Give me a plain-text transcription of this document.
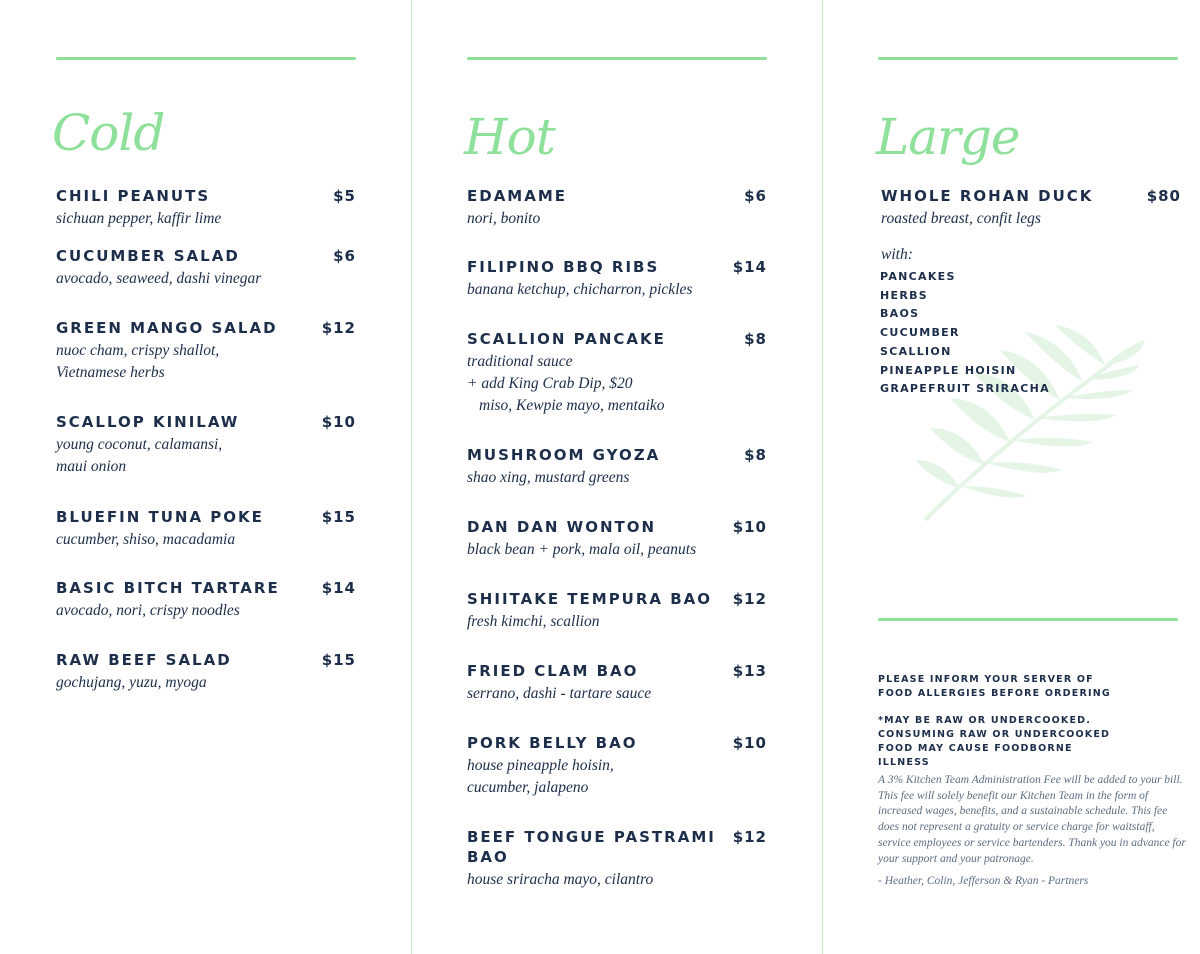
Cold
CHILI PEANUTS	$5
sichuan pepper, kaffir lime
CUCUMBER SALAD	$6
avocado, seaweed, dashi vinegar
GREEN MANGO SALAD	$12
nuoc cham, crispy shallot,
Vietnamese herbs
SCALLOP KINILAW	$10
young coconut, calamansi,
maui onion
BLUEFIN TUNA POKE	$15
cucumber, shiso, macadamia
BASIC BITCH TARTARE	$14
avocado, nori, crispy noodles
RAW BEEF SALAD	$15
gochujang, yuzu, myoga
Hot
EDAMAME	$6
nori, bonito
FILIPINO BBQ RIBS	$14
banana ketchup, chicharron, pickles
SCALLION PANCAKE	$8
traditional sauce
+ add King Crab Dip, $20
miso, Kewpie mayo, mentaiko
MUSHROOM GYOZA	$8
shao xing, mustard greens
DAN DAN WONTON	$10
black bean + pork, mala oil, peanuts
SHIITAKE TEMPURA BAO $12
fresh kimchi, scallion
FRIED CLAM BAO	$13
serrano, dashi - tartare sauce
PORK BELLY BAO	$10
house pineapple hoisin,
cucumber, jalapeno
BEEF TONGUE PASTRAMI BAO
$12
house sriracha mayo, cilantro
Large
WHOLE ROHAN DUCK	$80
roasted breast, confit legs
with:
PANCAKES
HERBS
BAOS
CUCUMBER
SCALLION
PINEAPPLE HOISIN
GRAPEFRUIT SRIRACHA

PLEASE INFORM YOUR SERVER OF FOOD ALLERGIES BEFORE ORDERING

*MAY BE RAW OR UNDERCOOKED. CONSUMING RAW OR UNDERCOOKED FOOD MAY CAUSE FOODBORNE ILLNESS

A 3% Kitchen Team Administration Fee will be added to your bill. This fee will solely benefit our Kitchen Team in the form of increased wages, benefits, and a sustainable schedule. This fee does not represent a gratuity or service charge for waitstaff, service employees or service bartenders. Thank you in advance for your support and your patronage.

- Heather, Colin, Jefferson & Ryan - Partners
